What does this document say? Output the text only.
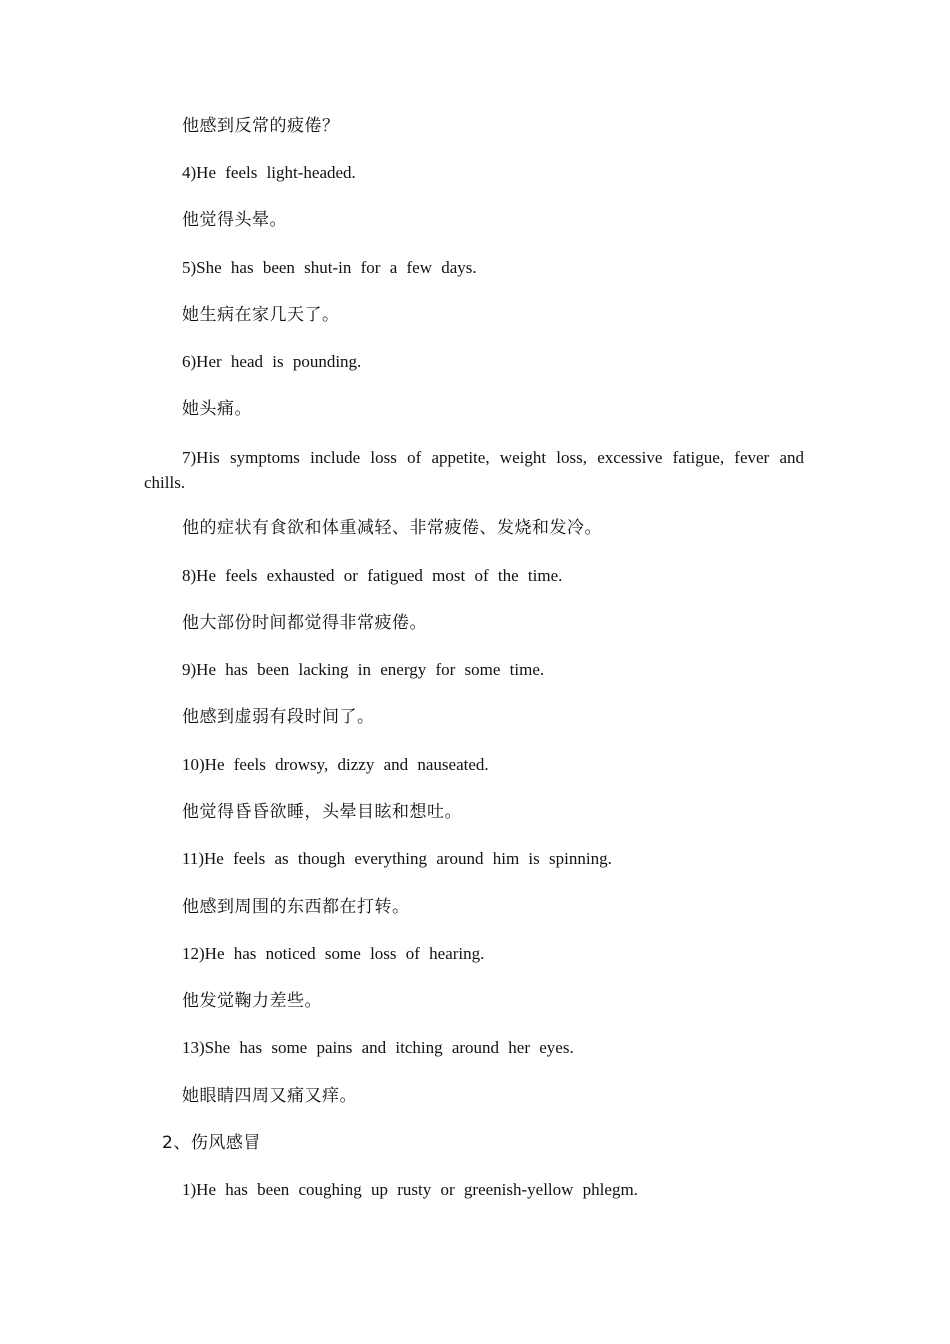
他感到反常的疲倦？
4)He feels light-headed.
他觉得头晕。
5)She has been shut-in for a few days.
她生病在家几天了。
6)Her head is pounding.
她头痛。
7)His symptoms include loss of appetite, weight loss, excessive fatigue, fever and chills.
他的症状有食欲和体重减轻、非常疲倦、发烧和发冷。
8)He feels exhausted or fatigued most of the time.
他大部份时间都觉得非常疲倦。
9)He has been lacking in energy for some time.
他感到虚弱有段时间了。
10)He feels drowsy, dizzy and nauseated.
他觉得昏昏欲睡，头晕目眩和想吐。
11)He feels as though everything around him is spinning.
他感到周围的东西都在打转。
12)He has noticed some loss of hearing.
他发觉鞠力差些。
13)She has some pains and itching around her eyes.
她眼睛四周又痛又痒。
2、伤风感冒
1)He has been coughing up rusty or greenish-yellow phlegm.
